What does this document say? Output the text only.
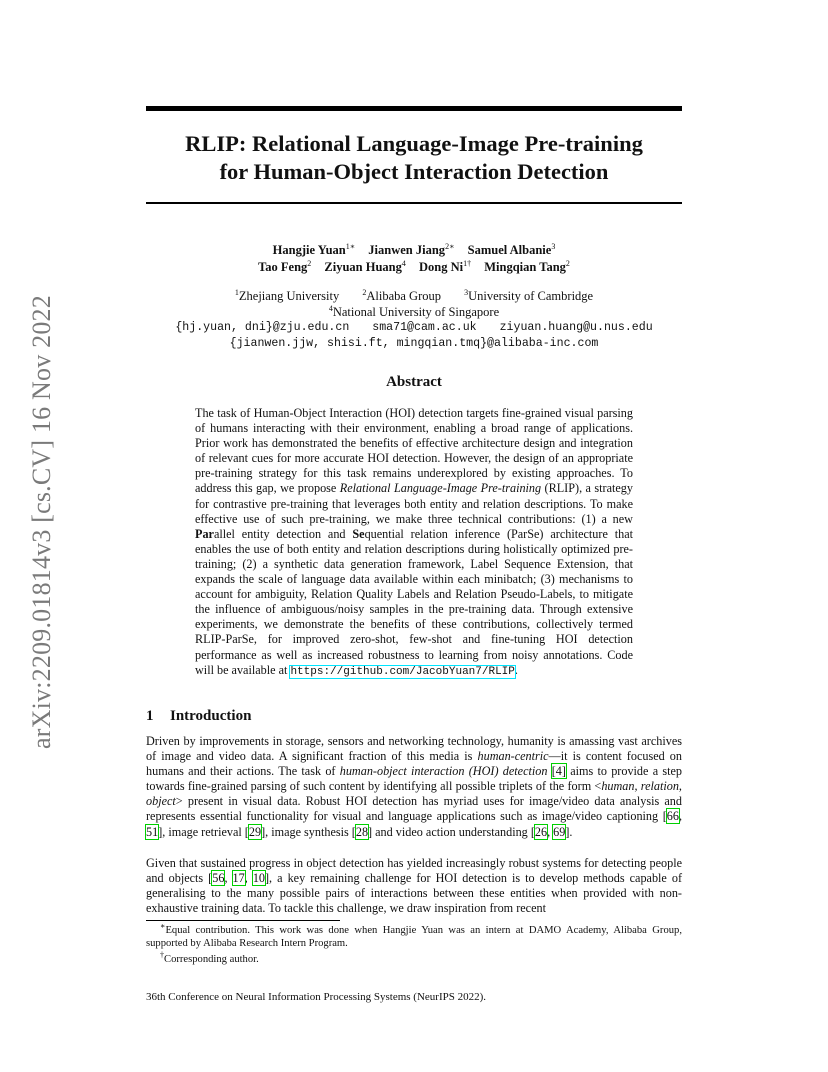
arXiv:2209.01814v3 [cs.CV] 16 Nov 2022
RLIP: Relational Language-Image Pre-training
for Human-Object Interaction Detection
Hangjie Yuan$^{1∗}$ Jianwen Jiang$^{2∗}$ Samuel Albanie$^3$
Tao Feng$^2$ Ziyuan Huang$^4$ Dong $Ni^{1\dagger}$ Mingqian Tang$^2$
$^1$Zhejiang University	$^2$Alibaba Group	$^3$University of Cambridge
$^4$National University of Singapore
{hj.yuan, dni}@zju.edu.cn sma71@cam.ac.uk ziyuan.huang@u.nus.edu
{jianwen.jjw, shisi.ft, mingqian.tmq}@alibaba-inc.com
Abstract

The task of Human-Object Interaction (HOI) detection targets fine-grained visual parsing of humans interacting with their environment, enabling a broad range of applications. Prior work has demonstrated the benefits of effective architecture design and integration of relevant cues for more accurate HOI detection. However, the design of an appropriate pre-training strategy for this task remains underexplored by existing approaches. To address this gap, we propose Relational Language-Image Pre-training (RLIP), a strategy for contrastive pre-training that leverages both entity and relation descriptions. To make effective use of such pre-training, we make three technical contributions: (1) a new Parallel entity detection and Sequential relation inference (ParSe) architecture that enables the use of both entity and relation descriptions during holistically optimized pre-training; (2) a synthetic data generation framework, Label Sequence Extension, that expands the scale of language data available within each minibatch; (3) mechanisms to account for ambiguity, Relation Quality Labels and Relation Pseudo-Labels, to mitigate the influence of ambiguous/noisy samples in the pre-training data. Through extensive experiments, we demonstrate the benefits of these contributions, collectively termed RLIP-ParSe, for improved zero-shot, few-shot and fine-tuning HOI detection performance as well as increased robustness to learning from noisy annotations. Code will be available at https://github.com/JacobYuan7/RLIP.

1 Introduction

Driven by improvements in storage, sensors and networking technology, humanity is amassing vast archives of image and video data. A significant fraction of this media is human-centric—it is content focused on humans and their actions. The task of human-object interaction (HOI) detection [4] aims to provide a step towards fine-grained parsing of such content by identifying all possible triplets of the form <human, relation, object> present in visual data. Robust HOI detection has myriad uses for image/video data analysis and represents essential functionality for visual and language applications such as image/video captioning [66, 51], image retrieval [29], image synthesis [28] and video action understanding [26, 69].

Given that sustained progress in object detection has yielded increasingly robust systems for detecting people and objects [56, 17, 10], a key remaining challenge for HOI detection is to develop methods capable of generalising to the many possible pairs of interactions between these entities when provided with non-exhaustive training data. To tackle this challenge, we draw inspiration from recent

∗Equal contribution. This work was done when Hangjie Yuan was an intern at DAMO Academy, Alibaba Group, supported by Alibaba Research Intern Program.

†Corresponding author.

36th Conference on Neural Information Processing Systems (NeurIPS 2022).
